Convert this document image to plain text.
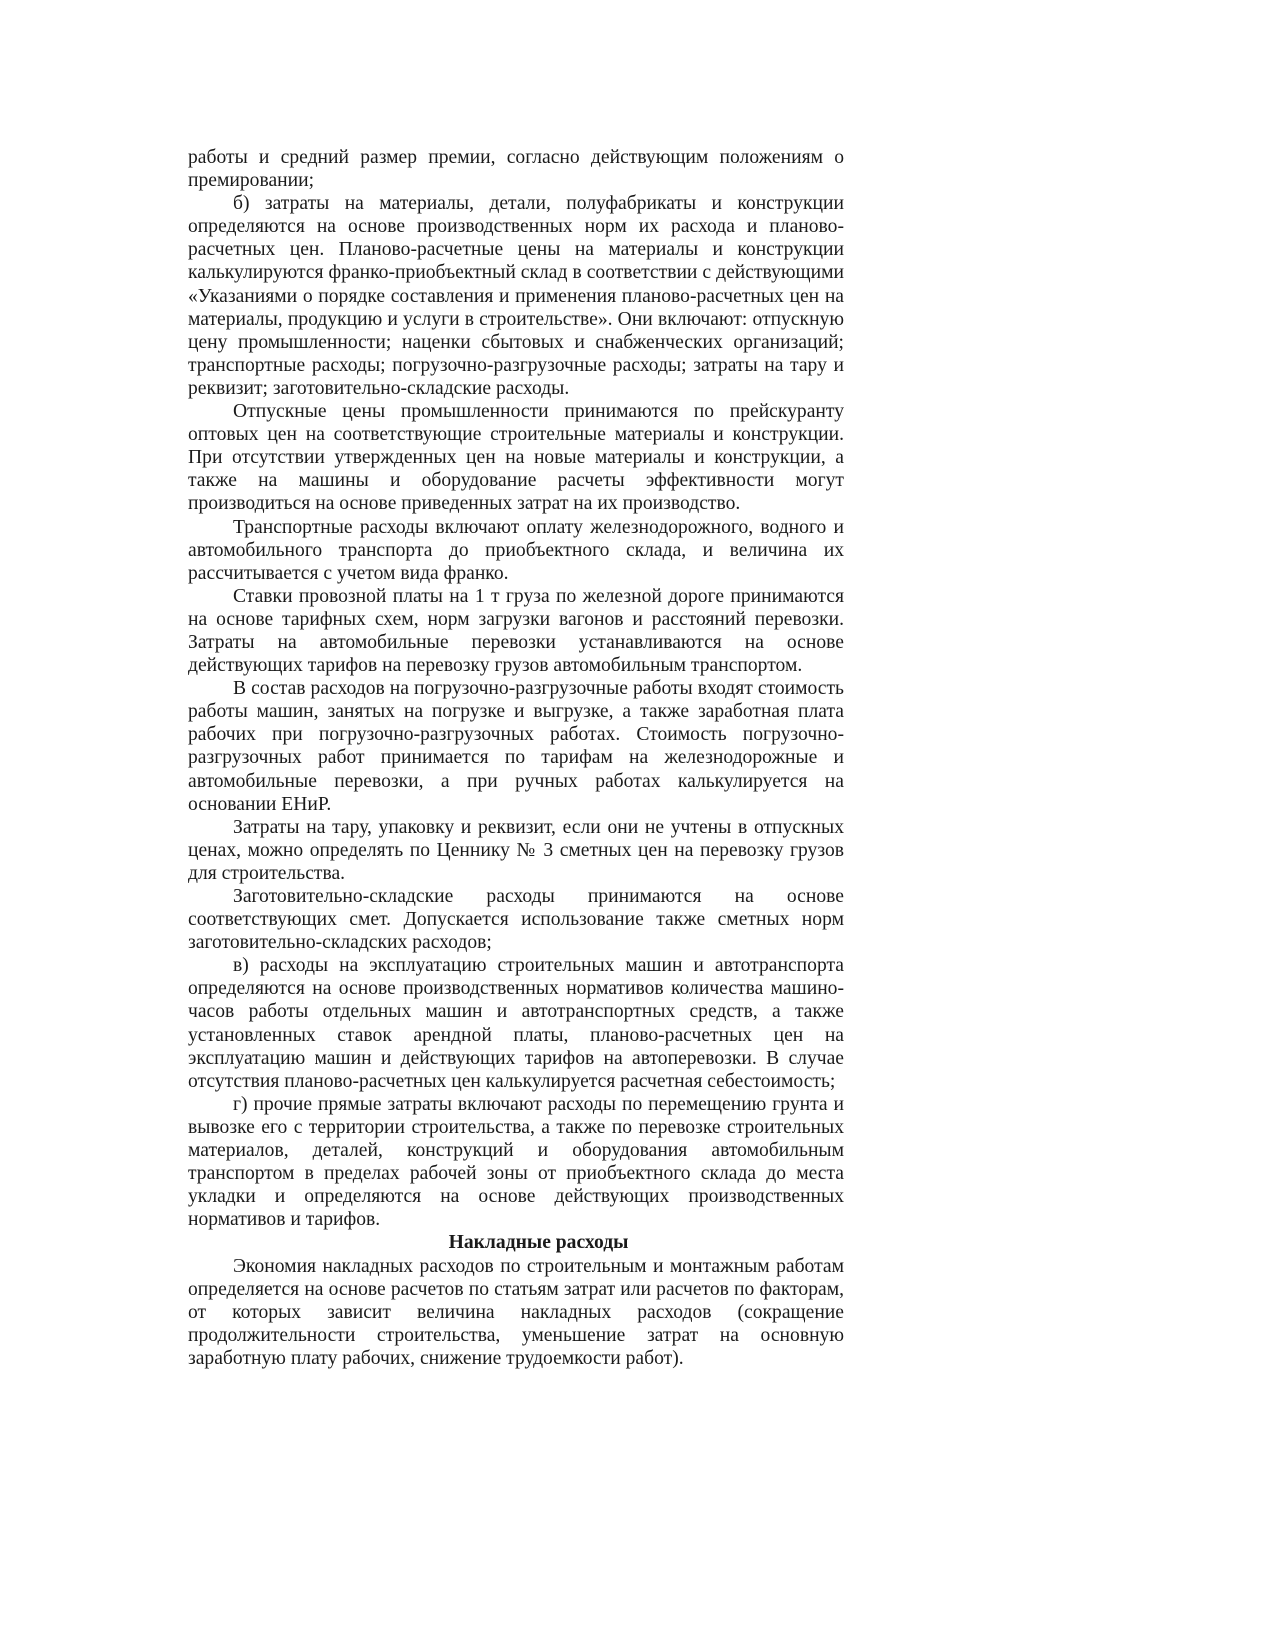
работы и средний размер премии, согласно действующим положениям о премировании;

б) затраты на материалы, детали, полуфабрикаты и конструкции определяются на основе производственных норм их расхода и планово-расчетных цен. Планово-расчетные цены на материалы и конструкции калькулируются франко-приобъектный склад в соответствии с действующими «Указаниями о порядке составления и применения планово-расчетных цен на материалы, продукцию и услуги в строительстве». Они включают: отпускную цену промышленности; наценки сбытовых и снабженческих организаций; транспортные расходы; погрузочно-разгрузочные расходы; затраты на тару и реквизит; заготовительно-складские расходы.

Отпускные цены промышленности принимаются по прейскуранту оптовых цен на соответствующие строительные материалы и конструкции. При отсутствии утвержденных цен на новые материалы и конструкции, а также на машины и оборудование расчеты эффективности могут производиться на основе приведенных затрат на их производство.

Транспортные расходы включают оплату железнодорожного, водного и автомобильного транспорта до приобъектного склада, и величина их рассчитывается с учетом вида франко.

Ставки провозной платы на 1 т груза по железной дороге принимаются на основе тарифных схем, норм загрузки вагонов и расстояний перевозки. Затраты на автомобильные перевозки устанавливаются на основе действующих тарифов на перевозку грузов автомобильным транспортом.

В состав расходов на погрузочно-разгрузочные работы входят стоимость работы машин, занятых на погрузке и выгрузке, а также заработная плата рабочих при погрузочно-разгрузочных работах. Стоимость погрузочно-разгрузочных работ принимается по тарифам на железнодорожные и автомобильные перевозки, а при ручных работах калькулируется на основании ЕНиР.

Затраты на тару, упаковку и реквизит, если они не учтены в отпускных ценах, можно определять по Ценнику № 3 сметных цен на перевозку грузов для строительства.

Заготовительно-складские расходы принимаются на основе соответствующих смет. Допускается использование также сметных норм заготовительно-складских расходов;

в) расходы на эксплуатацию строительных машин и автотранспорта определяются на основе производственных нормативов количества машино-часов работы отдельных машин и автотранспортных средств, а также установленных ставок арендной платы, планово-расчетных цен на эксплуатацию машин и действующих тарифов на автоперевозки. В случае отсутствия планово-расчетных цен калькулируется расчетная себестоимость;

г) прочие прямые затраты включают расходы по перемещению грунта и вывозке его с территории строительства, а также по перевозке строительных материалов, деталей, конструкций и оборудования автомобильным транспортом в пределах рабочей зоны от приобъектного склада до места укладки и определяются на основе действующих производственных нормативов и тарифов.

Накладные расходы

Экономия накладных расходов по строительным и монтажным работам определяется на основе расчетов по статьям затрат или расчетов по факторам, от которых зависит величина накладных расходов (сокращение продолжительности строительства, уменьшение затрат на основную заработную плату рабочих, снижение трудоемкости работ).
